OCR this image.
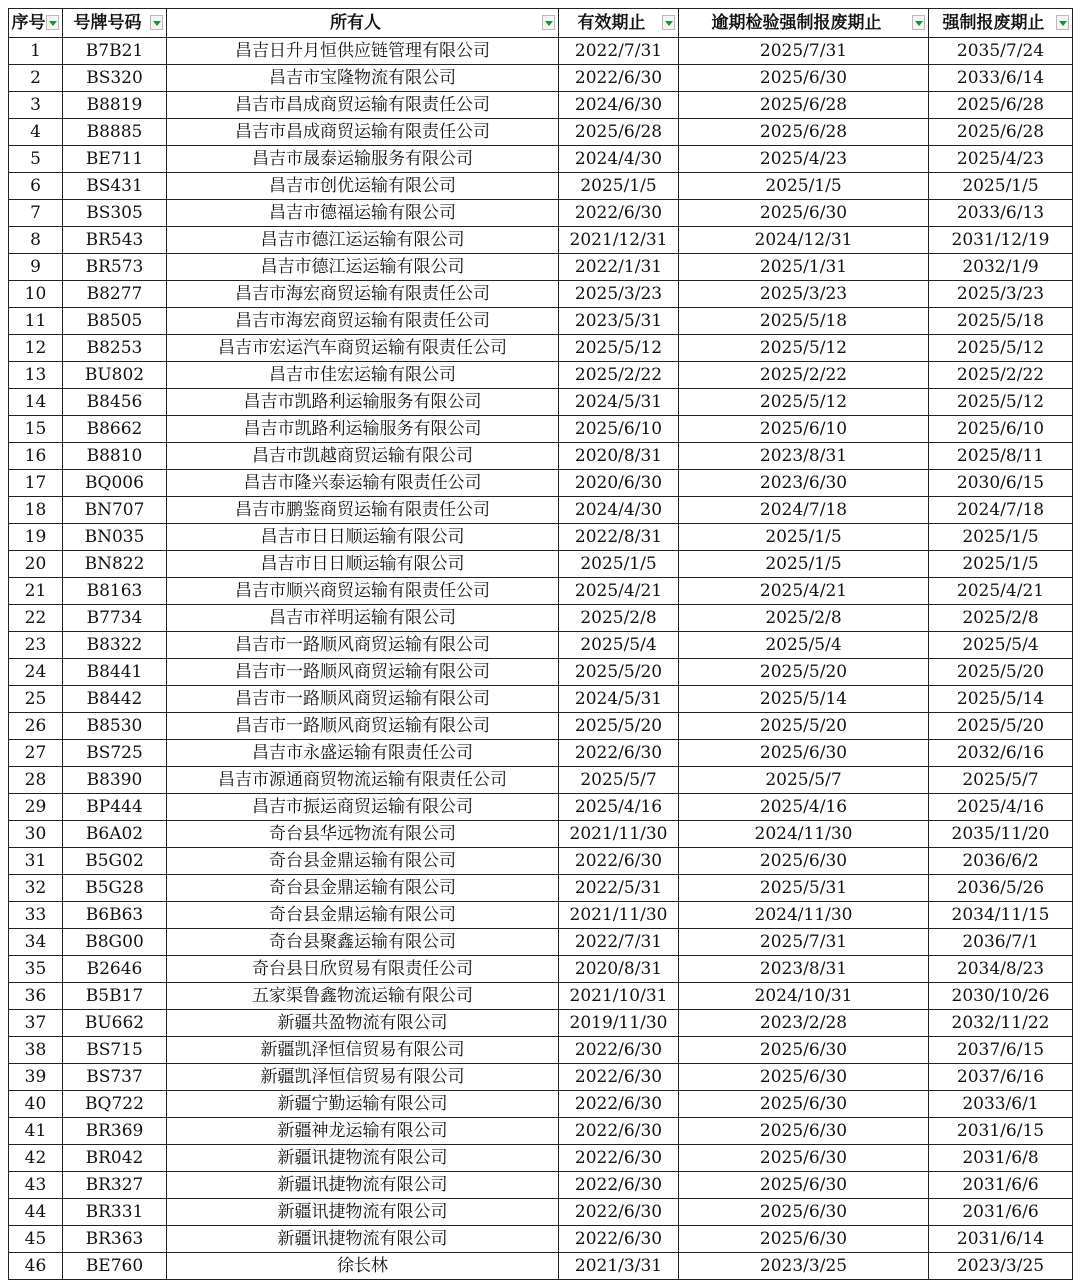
序号	号牌号码	所有人	有效期止	逾期检验强制报废期止	强制报废期止

1	B7B21	昌吉日升月恒供应链管理有限公司	2022/7/31	2025/7/31	2035/7/24
2	BS320	昌吉市宝隆物流有限公司	2022/6/30	2025/6/30	2033/6/14
3	B8819	昌吉市昌成商贸运输有限责任公司	2024/6/30	2025/6/28	2025/6/28
4	B8885	昌吉市昌成商贸运输有限责任公司	2025/6/28	2025/6/28	2025/6/28
5	BE711	昌吉市晟泰运输服务有限公司	2024/4/30	2025/4/23	2025/4/23
6	BS431	昌吉市创优运输有限公司	2025/1/5	2025/1/5	2025/1/5
7	BS305	昌吉市德福运输有限公司	2022/6/30	2025/6/30	2033/6/13
8	BR543	昌吉市德江运运输有限公司	2021/12/31	2024/12/31	2031/12/19
9	BR573	昌吉市德江运运输有限公司	2022/1/31	2025/1/31	2032/1/9
10	B8277	昌吉市海宏商贸运输有限责任公司	2025/3/23	2025/3/23	2025/3/23
11	B8505	昌吉市海宏商贸运输有限责任公司	2023/5/31	2025/5/18	2025/5/18
12	B8253	昌吉市宏运汽车商贸运输有限责任公司	2025/5/12	2025/5/12	2025/5/12
13	BU802	昌吉市佳宏运输有限公司	2025/2/22	2025/2/22	2025/2/22
14	B8456	昌吉市凯路利运输服务有限公司	2024/5/31	2025/5/12	2025/5/12
15	B8662	昌吉市凯路利运输服务有限公司	2025/6/10	2025/6/10	2025/6/10
16	B8810	昌吉市凯越商贸运输有限公司	2020/8/31	2023/8/31	2025/8/11
17	BQ006	昌吉市隆兴泰运输有限责任公司	2020/6/30	2023/6/30	2030/6/15
18	BN707	昌吉市鹏鉴商贸运输有限责任公司	2024/4/30	2024/7/18	2024/7/18
19	BN035	昌吉市日日顺运输有限公司	2022/8/31	2025/1/5	2025/1/5
20	BN822	昌吉市日日顺运输有限公司	2025/1/5	2025/1/5	2025/1/5
21	B8163	昌吉市顺兴商贸运输有限责任公司	2025/4/21	2025/4/21	2025/4/21
22	B7734	昌吉市祥明运输有限公司	2025/2/8	2025/2/8	2025/2/8
23	B8322	昌吉市一路顺风商贸运输有限公司	2025/5/4	2025/5/4	2025/5/4
24	B8441	昌吉市一路顺风商贸运输有限公司	2025/5/20	2025/5/20	2025/5/20
25	B8442	昌吉市一路顺风商贸运输有限公司	2024/5/31	2025/5/14	2025/5/14
26	B8530	昌吉市一路顺风商贸运输有限公司	2025/5/20	2025/5/20	2025/5/20
27	BS725	昌吉市永盛运输有限责任公司	2022/6/30	2025/6/30	2032/6/16
28	B8390	昌吉市源通商贸物流运输有限责任公司	2025/5/7	2025/5/7	2025/5/7
29	BP444	昌吉市振运商贸运输有限公司	2025/4/16	2025/4/16	2025/4/16
30	B6A02	奇台县华远物流有限公司	2021/11/30	2024/11/30	2035/11/20
31	B5G02	奇台县金鼎运输有限公司	2022/6/30	2025/6/30	2036/6/2
32	B5G28	奇台县金鼎运输有限公司	2022/5/31	2025/5/31	2036/5/26
33	B6B63	奇台县金鼎运输有限公司	2021/11/30	2024/11/30	2034/11/15
34	B8G00	奇台县聚鑫运输有限公司	2022/7/31	2025/7/31	2036/7/1
35	B2646	奇台县日欣贸易有限责任公司	2020/8/31	2023/8/31	2034/8/23
36	B5B17	五家渠鲁鑫物流运输有限公司	2021/10/31	2024/10/31	2030/10/26
37	BU662	新疆共盈物流有限公司	2019/11/30	2023/2/28	2032/11/22
38	BS715	新疆凯泽恒信贸易有限公司	2022/6/30	2025/6/30	2037/6/15
39	BS737	新疆凯泽恒信贸易有限公司	2022/6/30	2025/6/30	2037/6/16
40	BQ722	新疆宁勤运输有限公司	2022/6/30	2025/6/30	2033/6/1
41	BR369	新疆神龙运输有限公司	2022/6/30	2025/6/30	2031/6/15
42	BR042	新疆讯捷物流有限公司	2022/6/30	2025/6/30	2031/6/8
43	BR327	新疆讯捷物流有限公司	2022/6/30	2025/6/30	2031/6/6
44	BR331	新疆讯捷物流有限公司	2022/6/30	2025/6/30	2031/6/6
45	BR363	新疆讯捷物流有限公司	2022/6/30	2025/6/30	2031/6/14
46	BE760	徐长林	2021/3/31	2023/3/25	2023/3/25
